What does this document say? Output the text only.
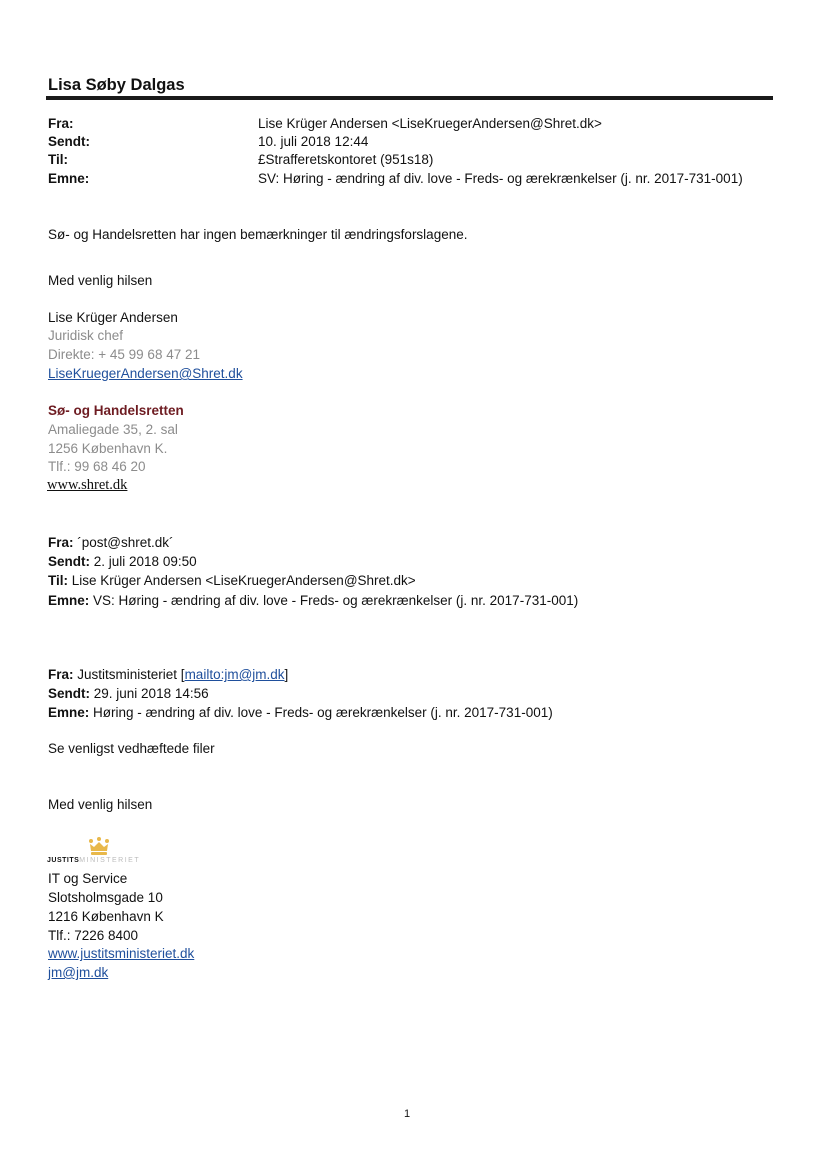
Lisa Søby Dalgas
Fra:	Lise Krüger Andersen <LiseKruegerAndersen@Shret.dk>
Sendt:	10. juli 2018 12:44
Til:	£Strafferetskontoret (951s18)
Emne:	SV: Høring - ændring af div. love - Freds- og ærekrænkelser (j. nr. 2017-731-001)
Sø- og Handelsretten har ingen bemærkninger til ændringsforslagene.
Med venlig hilsen
Lise Krüger Andersen
Juridisk chef
Direkte: + 45 99 68 47 21
LiseKruegerAndersen@Shret.dk
Sø- og Handelsretten
Amaliegade 35, 2. sal
1256 København K.
Tlf.: 99 68 46 20
www.shret.dk
Fra: ´post@shret.dk´
Sendt: 2. juli 2018 09:50
Til: Lise Krüger Andersen <LiseKruegerAndersen@Shret.dk>
Emne: VS: Høring - ændring af div. love - Freds- og ærekrænkelser (j. nr. 2017-731-001)
Fra: Justitsministeriet [mailto:jm@jm.dk]
Sendt: 29. juni 2018 14:56
Emne: Høring - ændring af div. love - Freds- og ærekrænkelser (j. nr. 2017-731-001)
Se venligst vedhæftede filer
Med venlig hilsen
JUSTITSMINISTERIET
IT og Service
Slotsholmsgade 10
1216 København K
Tlf.: 7226 8400
www.justitsministeriet.dk
jm@jm.dk
1
